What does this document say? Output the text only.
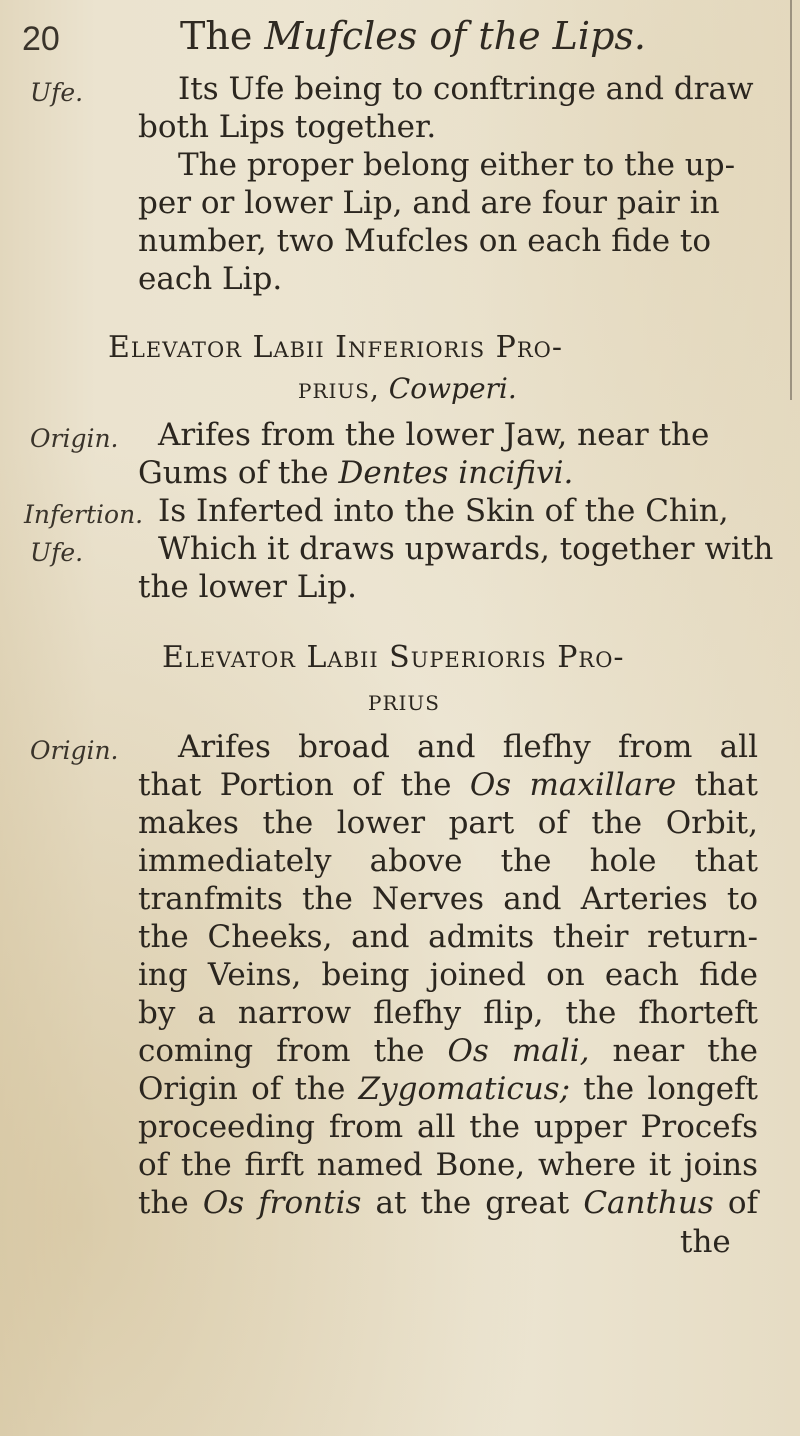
20	The Mufcles of the Lips.
Ufe.	Its Ufe being to conftringe and draw
both Lips together.
The proper belong either to the up-
per or lower Lip, and are four pair in
number, two Mufcles on each fide to
each Lip.
Elevator Labii Inferioris Pro-
prius, Cowperi.
Origin. Arifes from the lower Jaw, near the
Gums of the Dentes incifivi.
Infertion. Is Inferted into the Skin of the Chin,
Ufe. Which it draws upwards, together with
the lower Lip.
Elevator Labii Superioris Pro-
prius
Origin. Arifes broad and flefhy from all
that Portion of the Os maxillare that
makes the lower part of the Orbit,
immediately above the hole that
tranfmits the Nerves and Arteries to
the Cheeks, and admits their return-
ing Veins, being joined on each fide
by a narrow flefhy flip, the fhorteft
coming from the Os mali, near the
Origin of the Zygomaticus; the longeft
proceeding from all the upper Procefs
of the firft named Bone, where it joins
the Os frontis at the great Canthus of
the
